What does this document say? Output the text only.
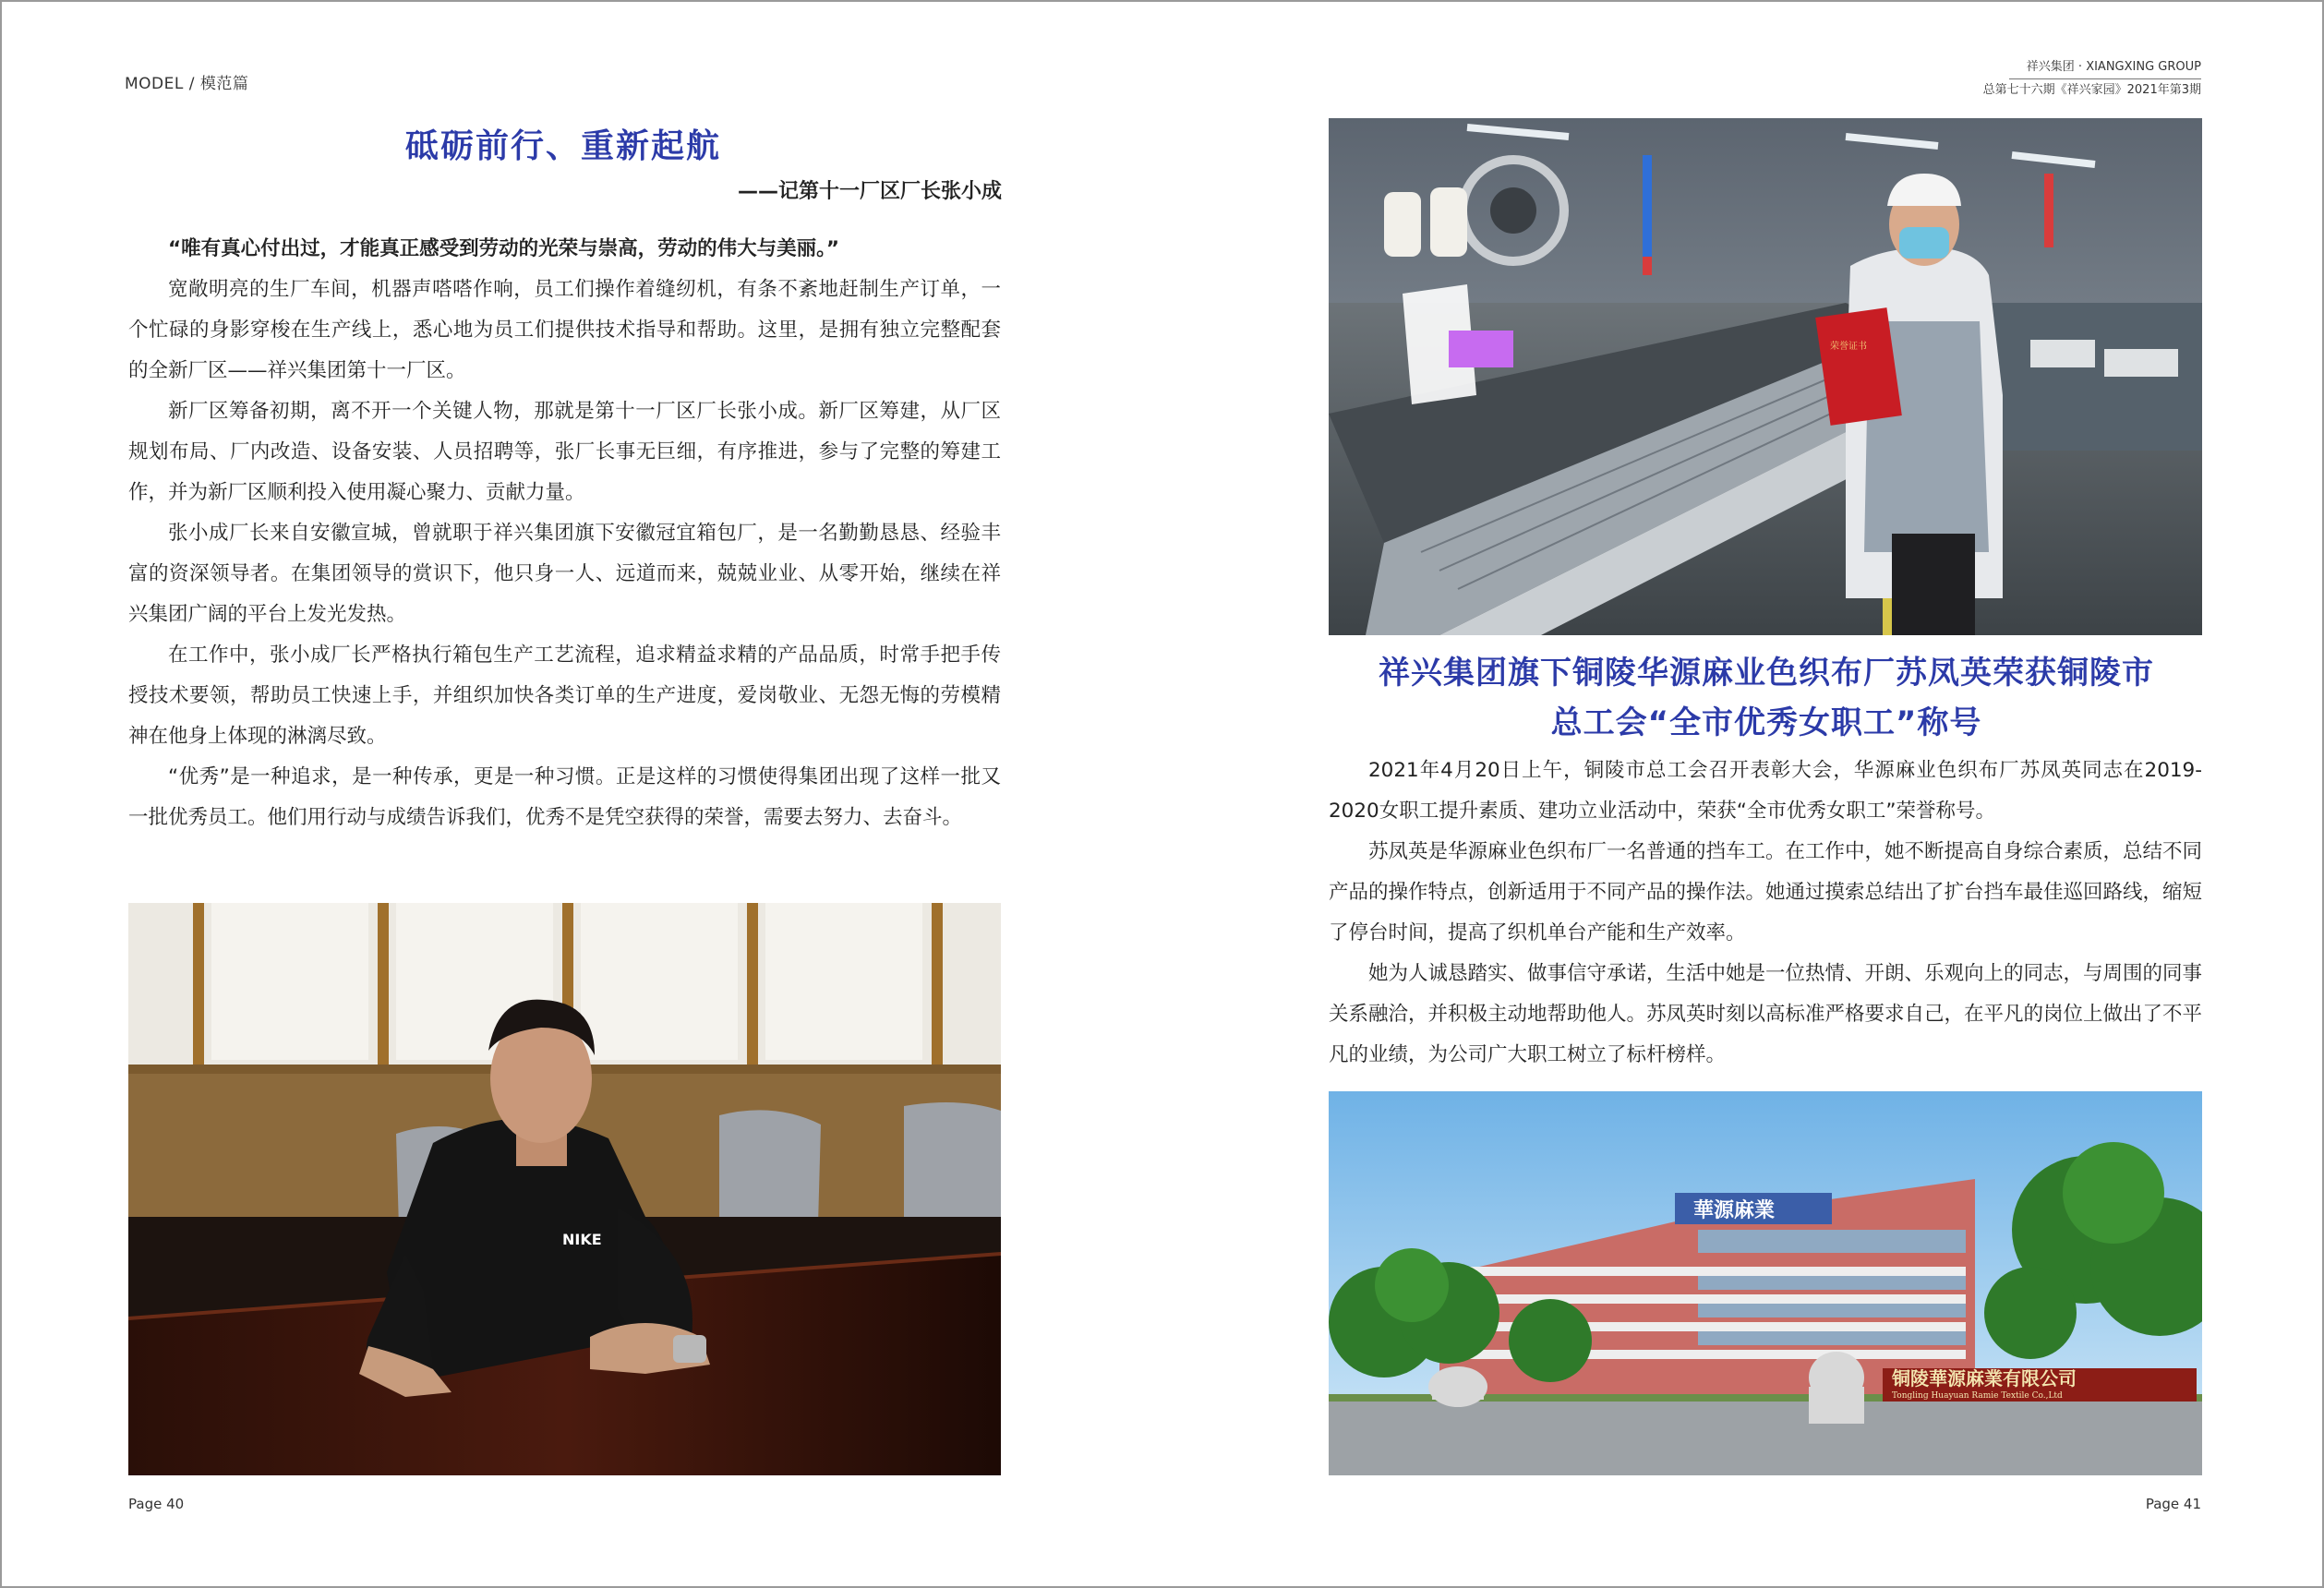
MODEL / 模范篇
砥砺前行、重新起航
——记第十一厂区厂长张小成

“唯有真心付出过，才能真正感受到劳动的光荣与崇高，劳动的伟大与美丽。”

宽敞明亮的生厂车间，机器声嗒嗒作响，员工们操作着缝纫机，有条不紊地赶制生产订单，一个忙碌的身影穿梭在生产线上，悉心地为员工们提供技术指导和帮助。这里，是拥有独立完整配套的全新厂区——祥兴集团第十一厂区。

新厂区筹备初期，离不开一个关键人物，那就是第十一厂区厂长张小成。新厂区筹建，从厂区规划布局、厂内改造、设备安装、人员招聘等，张厂长事无巨细，有序推进，参与了完整的筹建工作，并为新厂区顺利投入使用凝心聚力、贡献力量。

张小成厂长来自安徽宣城，曾就职于祥兴集团旗下安徽冠宜箱包厂，是一名勤勤恳恳、经验丰富的资深领导者。在集团领导的赏识下，他只身一人、远道而来，兢兢业业、从零开始，继续在祥兴集团广阔的平台上发光发热。

在工作中，张小成厂长严格执行箱包生产工艺流程，追求精益求精的产品品质，时常手把手传授技术要领，帮助员工快速上手，并组织加快各类订单的生产进度，爱岗敬业、无怨无悔的劳模精神在他身上体现的淋漓尽致。

“优秀”是一种追求，是一种传承，更是一种习惯。正是这样的习惯使得集团出现了这样一批又一批优秀员工。他们用行动与成绩告诉我们，优秀不是凭空获得的荣誉，需要去努力、去奋斗。

Page 40
NIKE
祥兴集团 · XIANGXING GROUP
总第七十六期《祥兴家园》2021年第3期
Page 41
荣誉证书
祥兴集团旗下铜陵华源麻业色织布厂苏凤英荣获铜陵市
总工会“全市优秀女职工”称号

2021年4月20日上午，铜陵市总工会召开表彰大会，华源麻业色织布厂苏凤英同志在2019-2020女职工提升素质、建功立业活动中，荣获“全市优秀女职工”荣誉称号。

苏凤英是华源麻业色织布厂一名普通的挡车工。在工作中，她不断提高自身综合素质，总结不同产品的操作特点，创新适用于不同产品的操作法。她通过摸索总结出了扩台挡车最佳巡回路线，缩短了停台时间，提高了织机单台产能和生产效率。

她为人诚恳踏实、做事信守承诺，生活中她是一位热情、开朗、乐观向上的同志，与周围的同事关系融洽，并积极主动地帮助他人。苏凤英时刻以高标准严格要求自己，在平凡的岗位上做出了不平凡的业绩，为公司广大职工树立了标杆榜样。

華源麻業
铜陵華源麻業有限公司
Tongling Huayuan Ramie Textile Co.,Ltd
